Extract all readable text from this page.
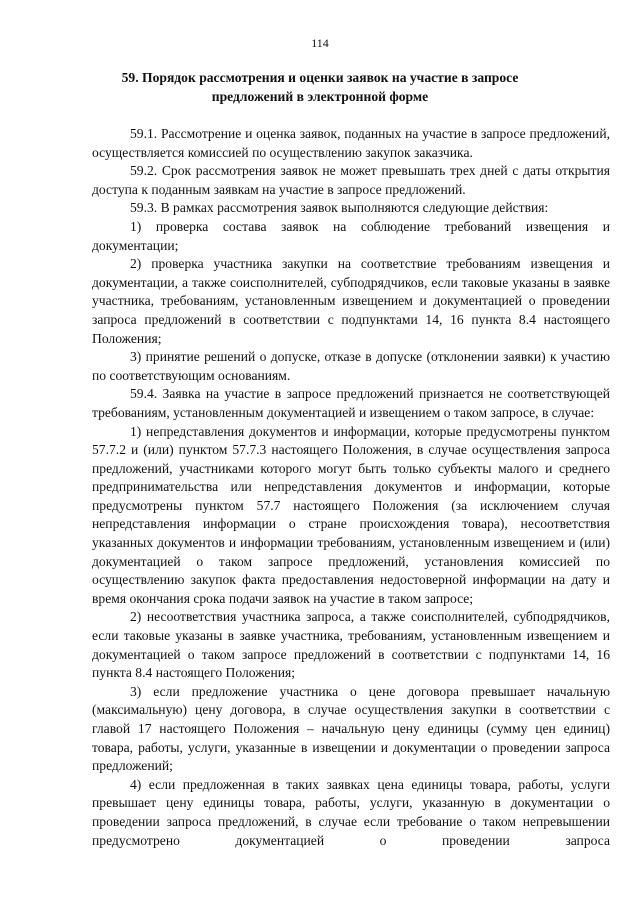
114
59. Порядок рассмотрения и оценки заявок на участие в запросе
предложений в электронной форме

59.1. Рассмотрение и оценка заявок, поданных на участие в запросе предложений, осуществляется комиссией по осуществлению закупок заказчика.

59.2. Срок рассмотрения заявок не может превышать трех дней с даты открытия доступа к поданным заявкам на участие в запросе предложений.

59.3. В рамках рассмотрения заявок выполняются следующие действия:

1) проверка состава заявок на соблюдение требований извещения и документации;

2) проверка участника закупки на соответствие требованиям извещения и документации, а также соисполнителей, субподрядчиков, если таковые указаны в заявке участника, требованиям, установленным извещением и документацией о проведении запроса предложений в соответствии с подпунктами 14, 16 пункта 8.4 настоящего Положения;

3) принятие решений о допуске, отказе в допуске (отклонении заявки) к участию по соответствующим основаниям.

59.4. Заявка на участие в запросе предложений признается не соответствующей требованиям, установленным документацией и извещением о таком запросе, в случае:

1) непредставления документов и информации, которые предусмотрены пунктом 57.7.2 и (или) пунктом 57.7.3 настоящего Положения, в случае осуществления запроса предложений, участниками которого могут быть только субъекты малого и среднего предпринимательства или непредставления документов и информации, которые предусмотрены пунктом 57.7 настоящего Положения (за исключением случая непредставления информации о стране происхождения товара), несоответствия указанных документов и информации требованиям, установленным извещением и (или) документацией о таком запросе предложений, установления комиссией по осуществлению закупок факта предоставления недостоверной информации на дату и время окончания срока подачи заявок на участие в таком запросе;

2) несоответствия участника запроса, а также соисполнителей, субподрядчиков, если таковые указаны в заявке участника, требованиям, установленным извещением и документацией о таком запросе предложений в соответствии с подпунктами 14, 16 пункта 8.4 настоящего Положения;

3) если предложение участника о цене договора превышает начальную (максимальную) цену договора, в случае осуществления закупки в соответствии с главой 17 настоящего Положения – начальную цену единицы (сумму цен единиц) товара, работы, услуги, указанные в извещении и документации о проведении запроса предложений;

4) если предложенная в таких заявках цена единицы товара, работы, услуги превышает цену единицы товара, работы, услуги, указанную в документации о проведении запроса предложений, в случае если требование о таком непревышении предусмотрено документацией о проведении запроса
